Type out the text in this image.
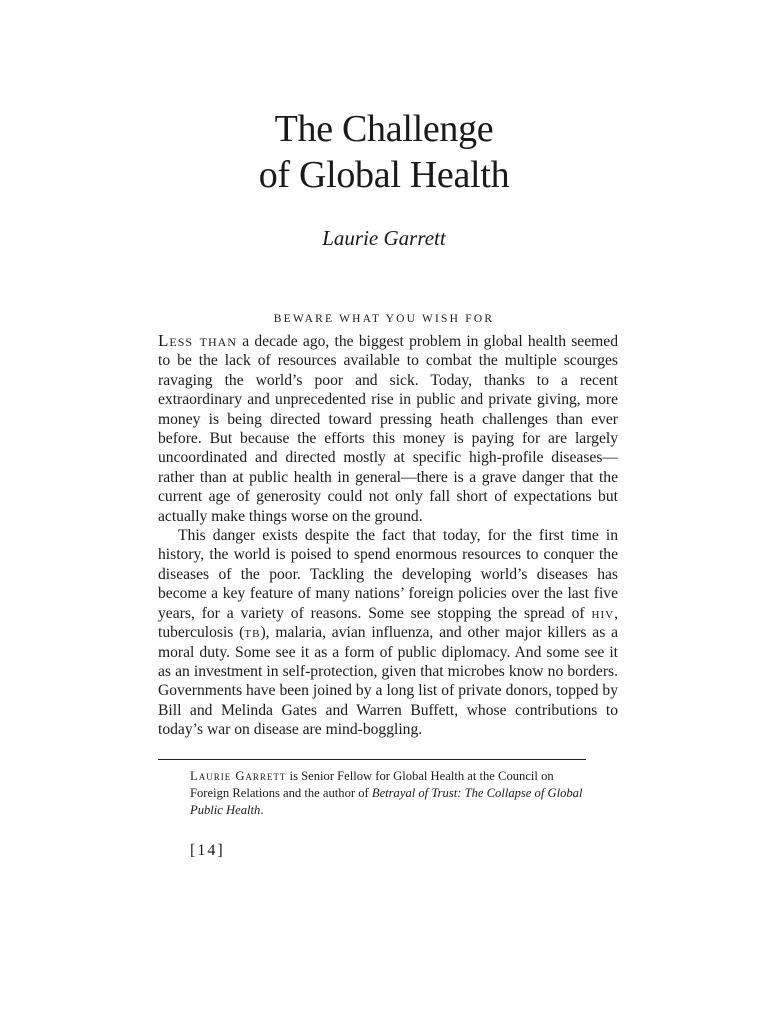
The Challenge
of Global Health
Laurie Garrett
BEWARE WHAT YOU WISH FOR

Less than a decade ago, the biggest problem in global health seemed to be the lack of resources available to combat the multiple scourges ravaging the world’s poor and sick. Today, thanks to a recent extraordinary and unprecedented rise in public and private giving, more money is being directed toward pressing heath challenges than ever before. But because the efforts this money is paying for are largely uncoordinated and directed mostly at specific high-profile diseases—rather than at public health in general—there is a grave danger that the current age of generosity could not only fall short of expectations but actually make things worse on the ground.

This danger exists despite the fact that today, for the first time in history, the world is poised to spend enormous resources to conquer the diseases of the poor. Tackling the developing world’s diseases has become a key feature of many nations’ foreign policies over the last five years, for a variety of reasons. Some see stopping the spread of hiv, tuberculosis (tb), malaria, avian influenza, and other major killers as a moral duty. Some see it as a form of public diplomacy. And some see it as an investment in self-protection, given that microbes know no borders. Governments have been joined by a long list of private donors, topped by Bill and Melinda Gates and Warren Buffett, whose contributions to today’s war on disease are mind-boggling.

Laurie Garrett is Senior Fellow for Global Health at the Council on Foreign Relations and the author of Betrayal of Trust: The Collapse of Global Public Health.
[14]
